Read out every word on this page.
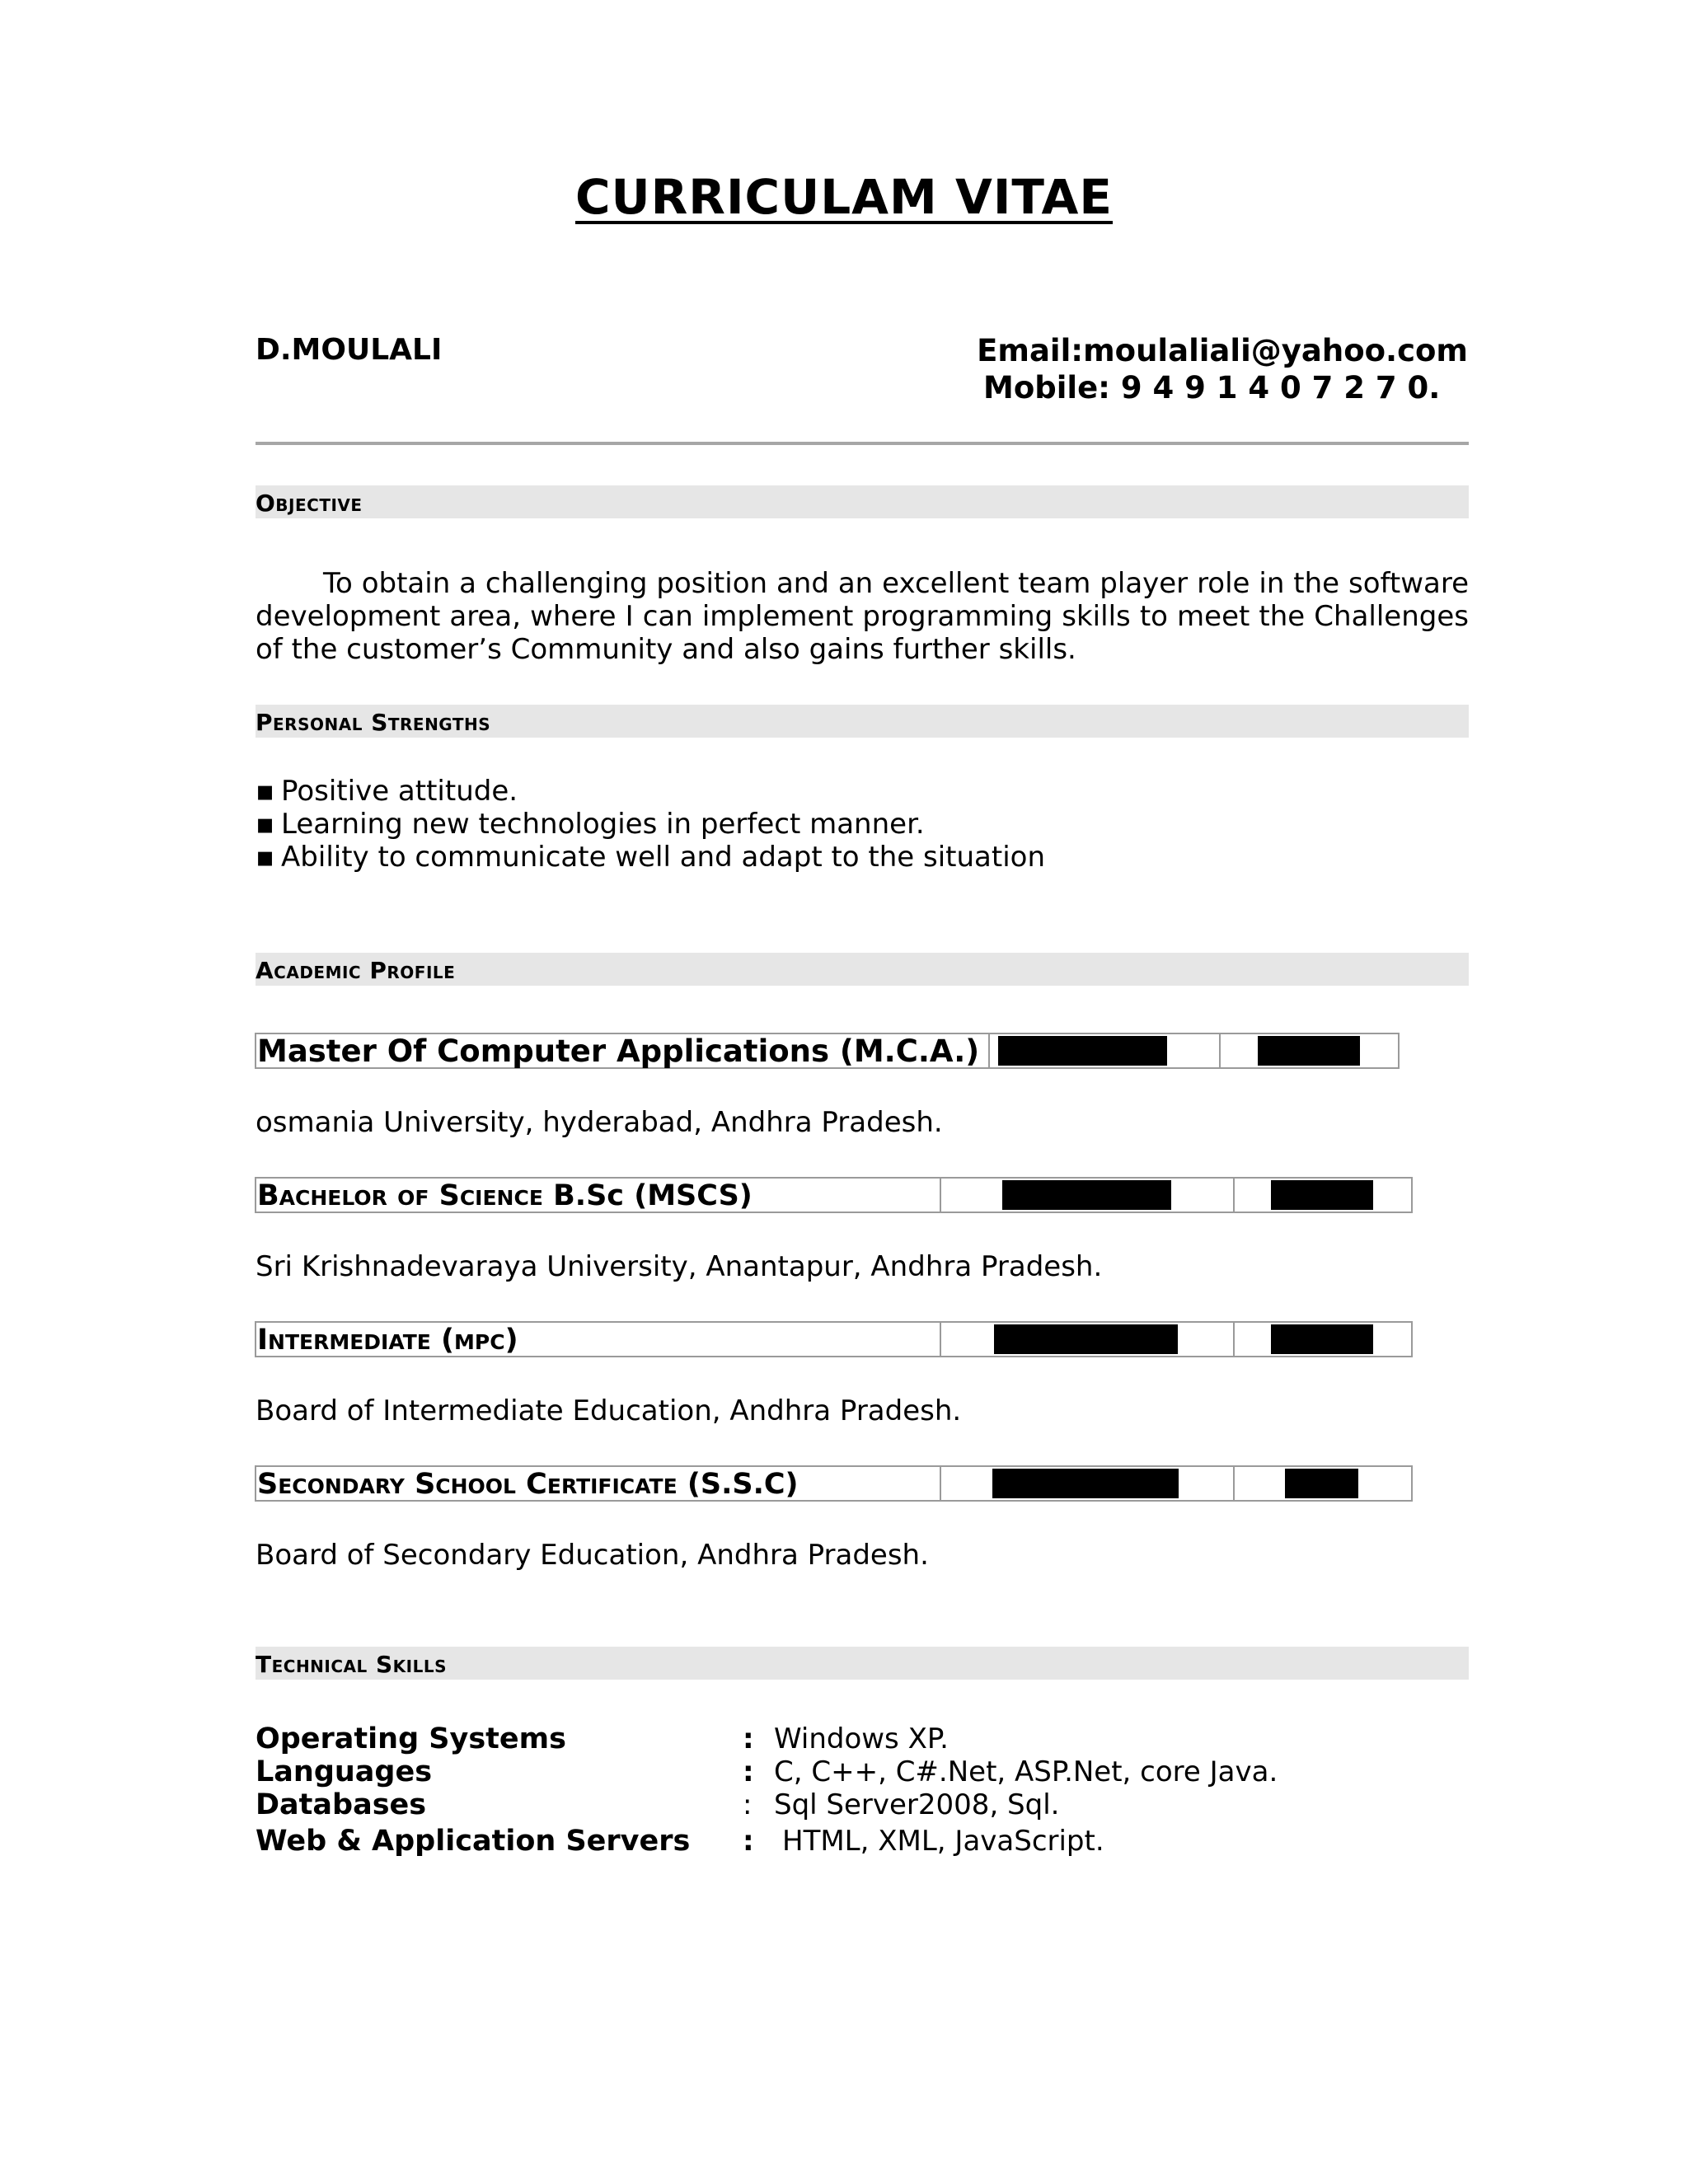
CURRICULAM VITAE
D.MOULALI	Email:moulaliali@yahoo.com
Mobile: 9 4 9 1 4 0 7 2 7 0.
Objective

To obtain a challenging position and an excellent team player role in the software development area, where I can implement programming skills to meet the Challenges of the customer’s Community and also gains further skills.

Personal Strengths
▪ Positive attitude.
▪ Learning new technologies in perfect manner.
▪ Ability to communicate well and adapt to the situation
Academic Profile
Master Of Computer Applications (M.C.A.)
osmania University, hyderabad, Andhra Pradesh.
Bachelor of Science B.Sc (MSCS)
Sri Krishnadevaraya University, Anantapur, Andhra Pradesh.
Intermediate (mpc)
Board of Intermediate Education, Andhra Pradesh.
Secondary School Certificate (S.S.C)
Board of Secondary Education, Andhra Pradesh.
Technical Skills
Operating Systems	: Windows XP.
Languages	: C, C++, C#.Net, ASP.Net, core Java.
Databases	: Sql Server2008, Sql.
Web & Application Servers : HTML, XML, JavaScript.
